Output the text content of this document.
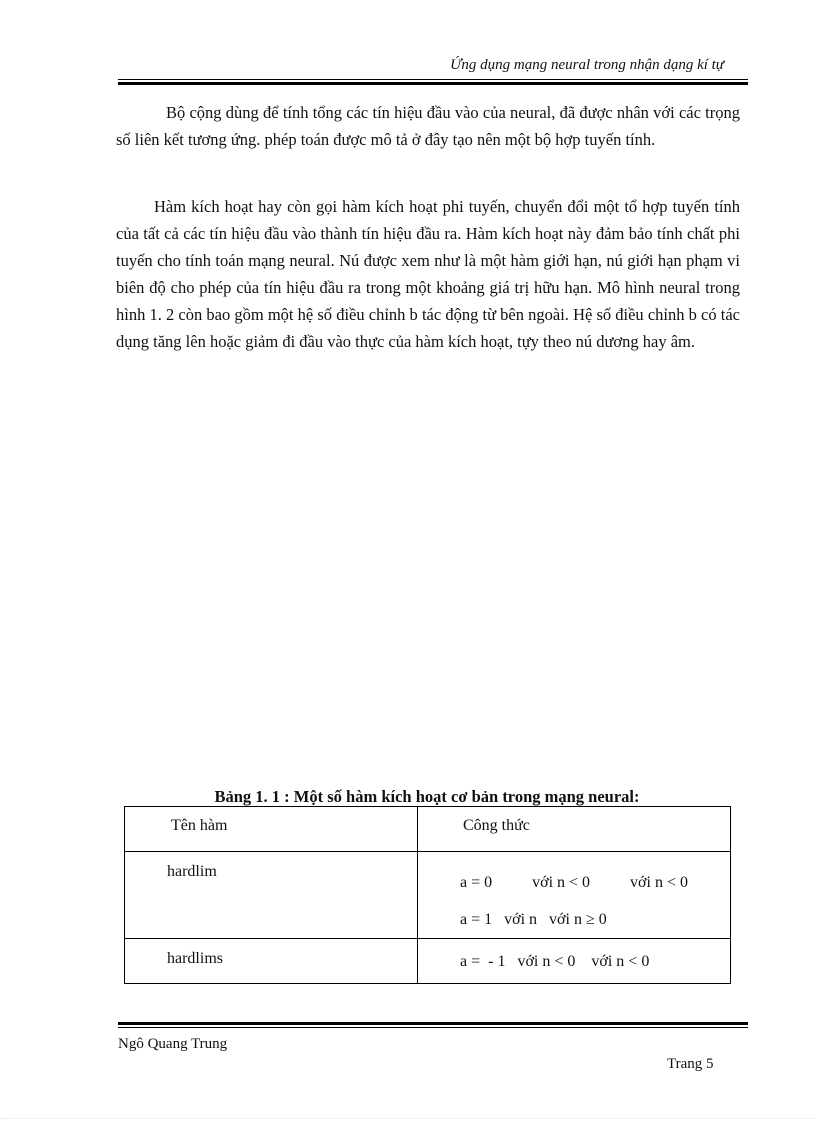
Ứng dụng mạng neural trong nhận dạng kí tự

Bộ cộng dùng để tính tổng các tín hiệu đầu vào của neural, đã được nhân với các trọng số liên kết tương ứng. phép toán được mô tả ở đây tạo nên một bộ hợp tuyến tính.

Hàm kích hoạt hay còn gọi hàm kích hoạt phi tuyến, chuyển đổi một tổ hợp tuyến tính của tất cả các tín hiệu đầu vào thành tín hiệu đầu ra. Hàm kích hoạt này đảm bảo tính chất phi tuyến cho tính toán mạng neural. Nú được xem như là một hàm giới hạn, nú giới hạn phạm vi biên độ cho phép của tín hiệu đầu ra trong một khoảng giá trị hữu hạn. Mô hình neural trong hình 1. 2 còn bao gồm một hệ số điều chỉnh b tác động từ bên ngoài. Hệ số điều chỉnh b có tác dụng tăng lên hoặc giảm đi đầu vào thực của hàm kích hoạt, tựy theo nú dương hay âm.

Bảng 1. 1 : Một số hàm kích hoạt cơ bản trong mạng neural:
Tên hàm	Công thức
hardlim	a = 0          với n < 0          với n < 0
a = 1   với n   với n ≥ 0

hardlims	a =  - 1   với n < 0    với n < 0
Ngô Quang Trung
Trang 5
